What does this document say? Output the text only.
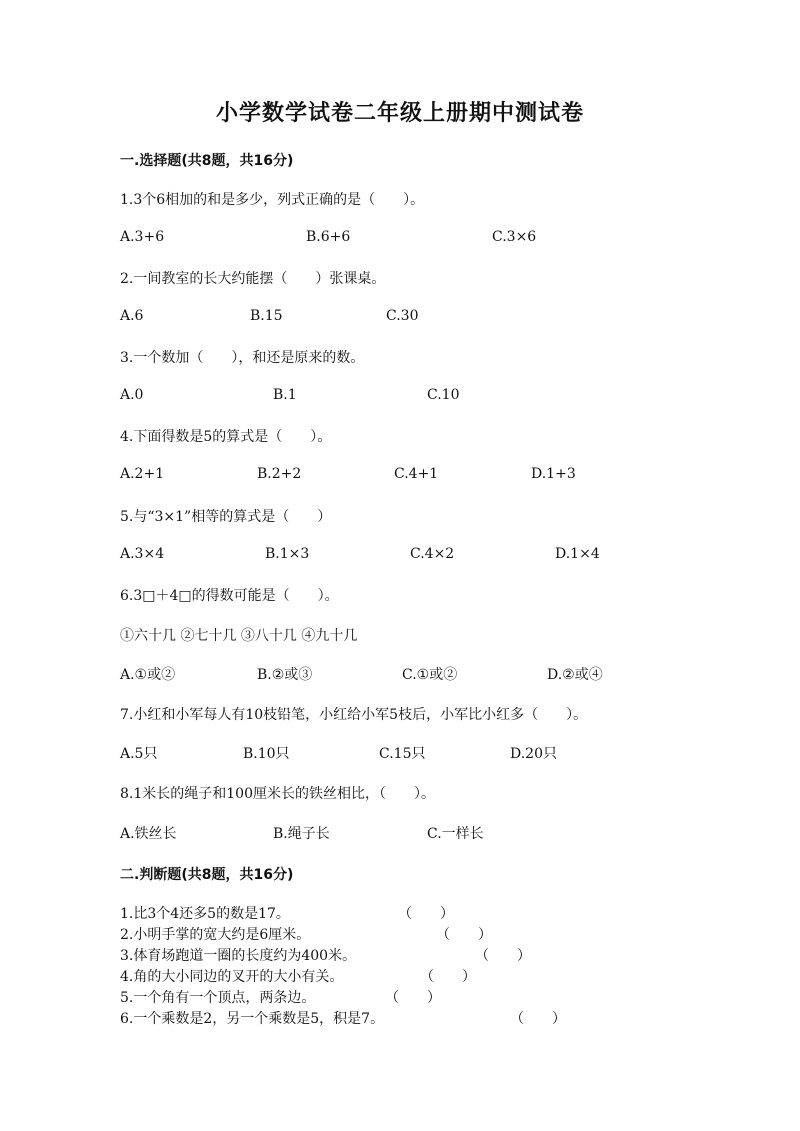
小学数学试卷二年级上册期中测试卷
一.选择题(共8题，共16分)
1.3个6相加的和是多少，列式正确的是（　　）。
A.3+6	B.6+6	C.3×6
2.一间教室的长大约能摆（　　）张课桌。
A.6	B.15	C.30
3.一个数加（　　），和还是原来的数。
A.0	B.1	C.10
4.下面得数是5的算式是（　　）。
A.2+1	B.2+2	C.4+1	D.1+3
5.与“3×1”相等的算式是（　　）
A.3×4	B.1×3	C.4×2	D.1×4
6.3□＋4□的得数可能是（　　）。
①六十几 ②七十几 ③八十几 ④九十几
A.①或②	B.②或③	C.①或②	D.②或④
7.小红和小军每人有10枝铅笔，小红给小军5枝后，小军比小红多（　　）。
A.5只	B.10只	C.15只	D.20只
8.1米长的绳子和100厘米长的铁丝相比，（　　）。
A.铁丝长	B.绳子长	C.一样长
二.判断题(共8题，共16分)
1.比3个4还多5的数是17。	（　　）
2.小明手掌的宽大约是6厘米。	（　　）
3.体育场跑道一圈的长度约为400米。	（　　）
4.角的大小同边的叉开的大小有关。	（　　）
5.一个角有一个顶点，两条边。	（　　）
6.一个乘数是2，另一个乘数是5，积是7。	（　　）
